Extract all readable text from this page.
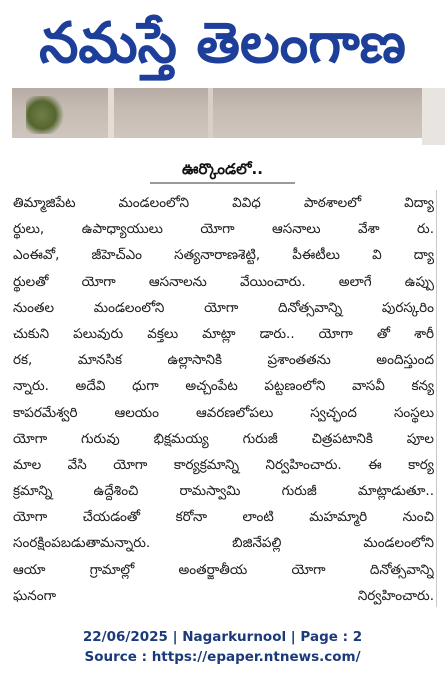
నమస్తే తెలంగాణ
ఊర్కొండలో..
తిమ్మాజిపేట మండలంలోని వివిధ పాఠశాలలో విద్యా
ర్థులు, ఉపాధ్యాయులు యోగా ఆసనాలు వేశా రు.
ఎంఈవో, జీహెచ్ఎం సత్యనారాణశెట్టి, పీఈటీలు వి ద్యా
ర్థులతో యోగా ఆసనాలను వేయించారు. అలాగే ఉప్పు
నుంతల మండలంలోని యోగా దినోత్సవాన్ని పురస్కరిం
చుకుని పలువురు వక్తలు మాట్లా డారు.. యోగా తో శారీ
రక, మానసిక ఉల్లాసానికి ప్రశాంతతను అందిస్తుంద
న్నారు. అదేవి ధుగా అచ్చంపేట పట్టణంలోని వాసవీ కన్య
కాపరమేశ్వరి ఆలయం ఆవరణలోపలు స్వచ్ఛంద సంస్థలు
యోగా గురువు భిక్షమయ్య గురుజీ చిత్రపటానికి పూల
మాల వేసి యోగా కార్యక్రమాన్ని నిర్వహించారు. ఈ కార్య
క్రమాన్ని ఉద్దేశించి రామస్వామి గురుజీ మాట్లాడుతూ..
యోగా చేయడంతో కరోనా లాంటి మహమ్మారి నుంచి
సంరక్షింపబడుతామన్నారు. బిజినేపల్లి మండలంలోని
ఆయా గ్రామాల్లో అంతర్జాతీయ యోగా దినోత్సవాన్ని
ఘనంగా నిర్వహించారు.
22/06/2025 | Nagarkurnool | Page : 2
Source : https://epaper.ntnews.com/
